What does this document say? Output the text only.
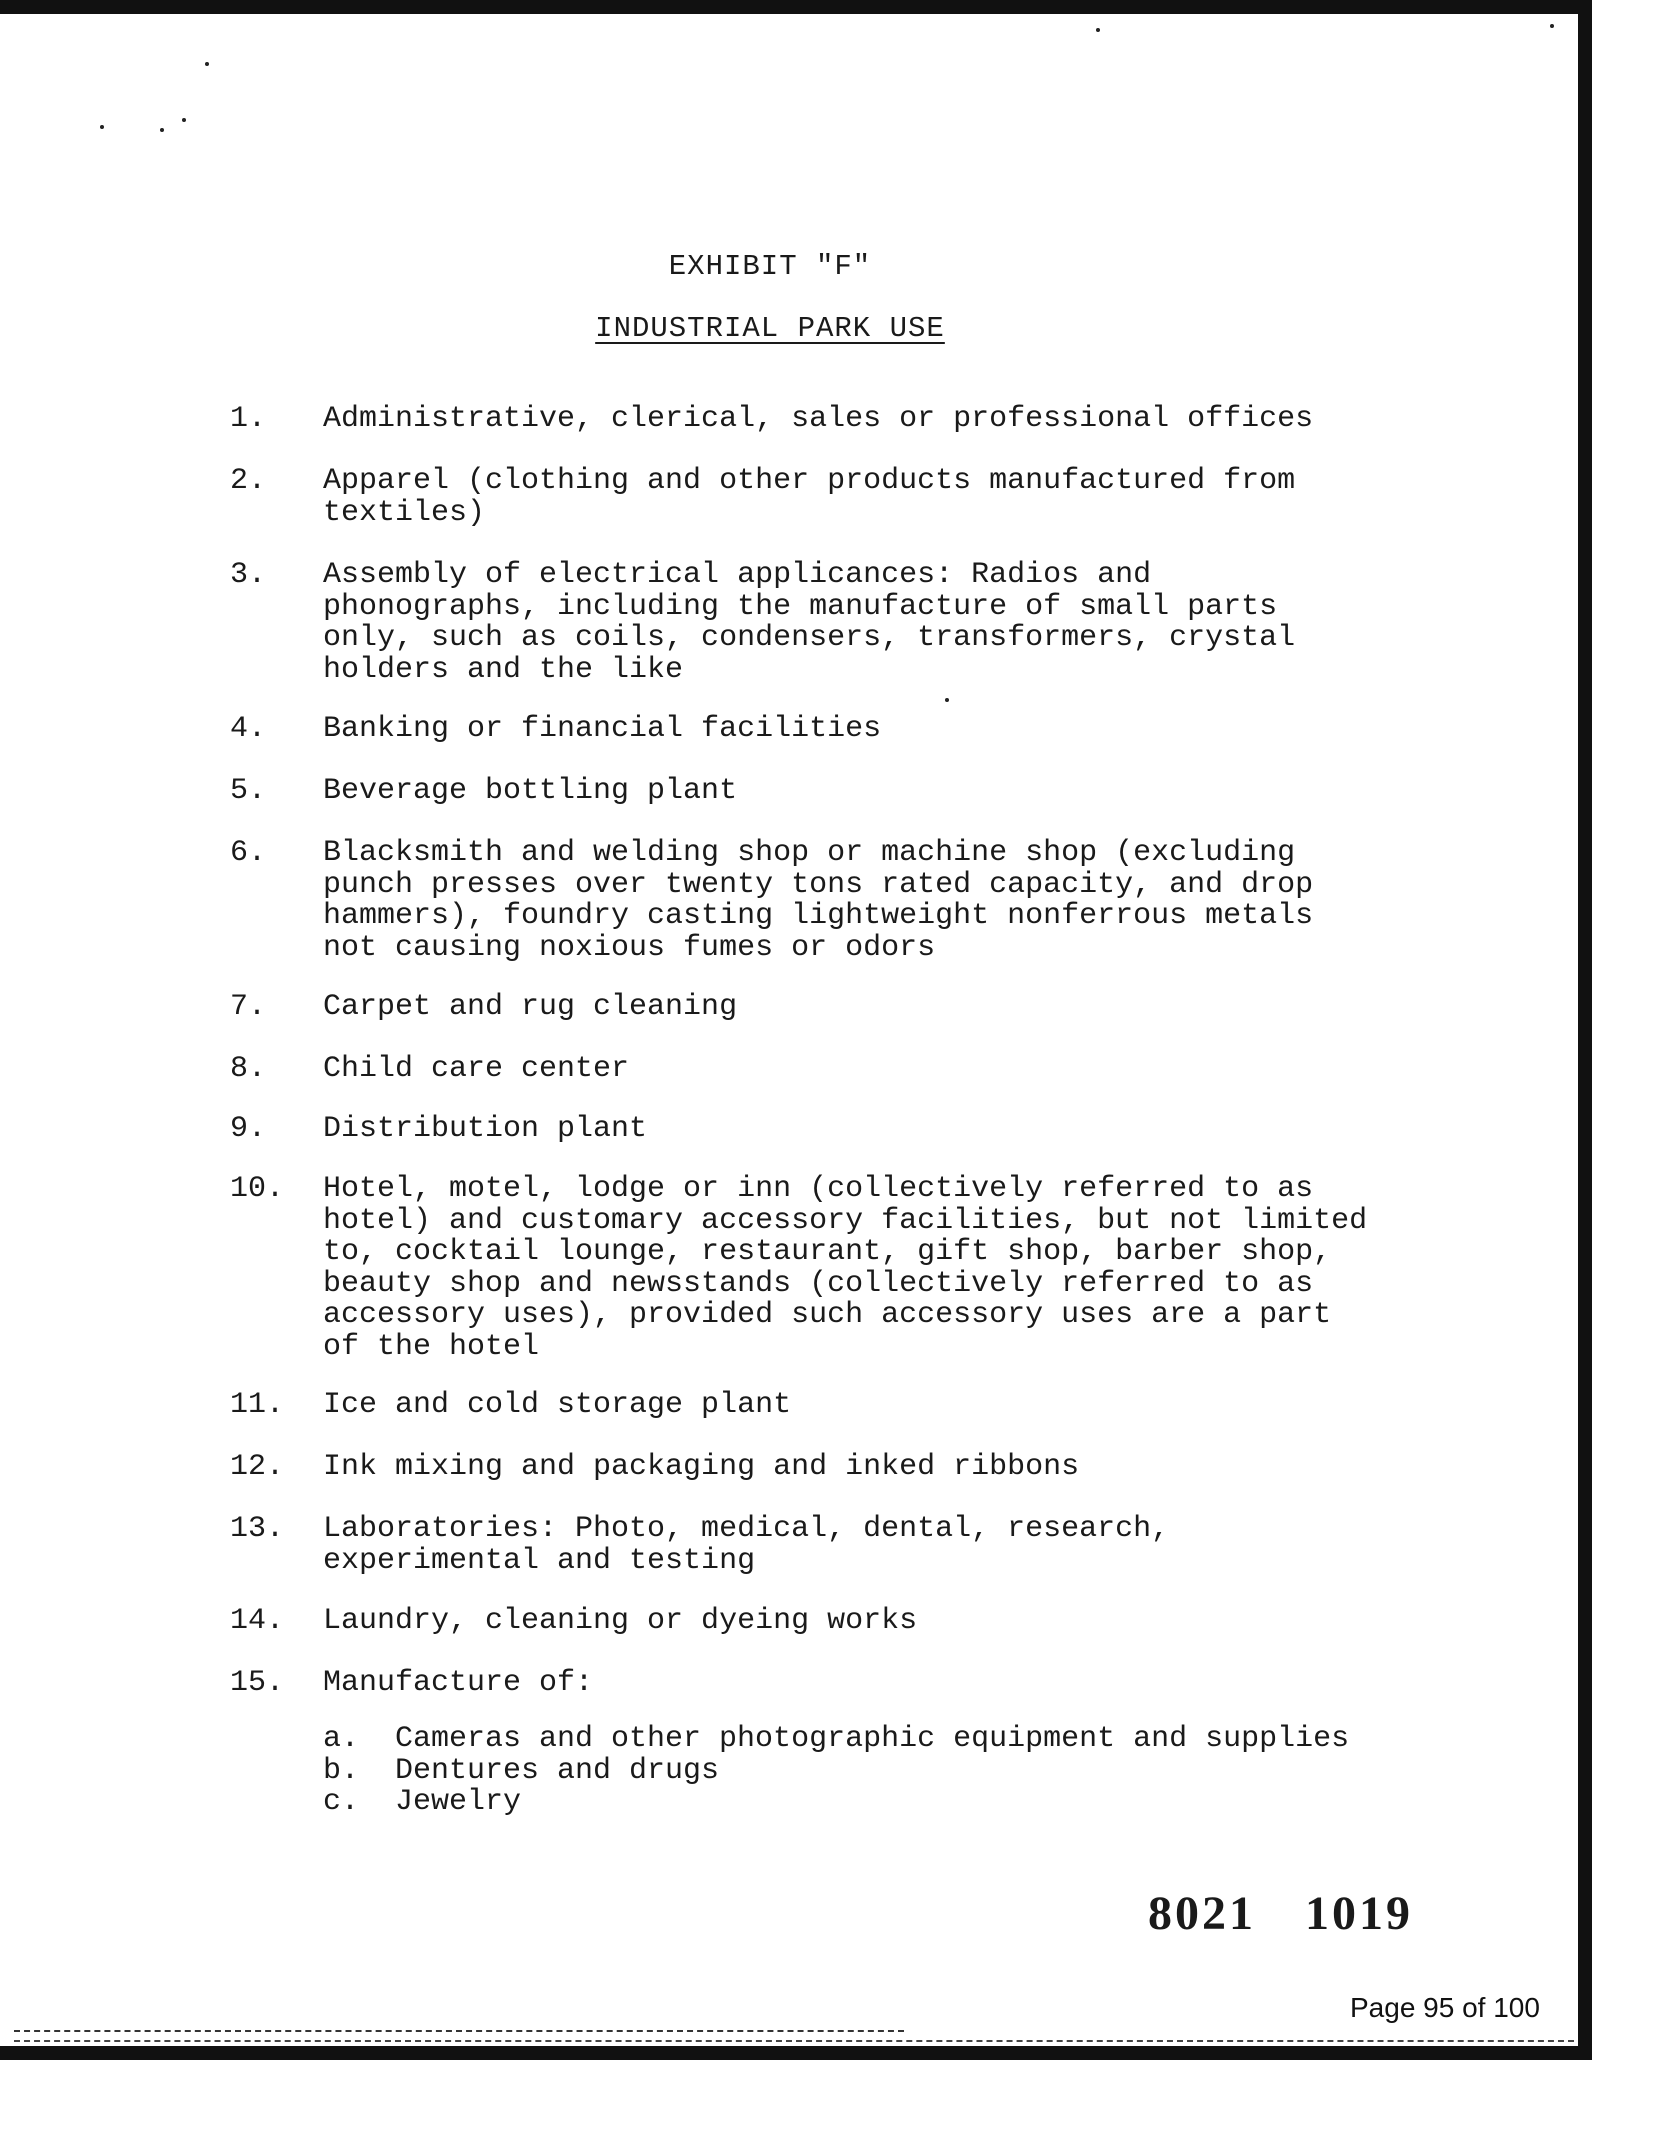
EXHIBIT "F"
INDUSTRIAL PARK USE
1.	Administrative, clerical, sales or professional offices
2.	Apparel (clothing and other products manufactured from
textiles)
3.	Assembly of electrical applicances: Radios and
phonographs, including the manufacture of small parts
only, such as coils, condensers, transformers, crystal
holders and the like
4.	Banking or financial facilities
5.	Beverage bottling plant
6.	Blacksmith and welding shop or machine shop (excluding
punch presses over twenty tons rated capacity, and drop
hammers), foundry casting lightweight nonferrous metals
not causing noxious fumes or odors
7.	Carpet and rug cleaning
8.	Child care center
9.	Distribution plant
10.	Hotel, motel, lodge or inn (collectively referred to as
hotel) and customary accessory facilities, but not limited
to, cocktail lounge, restaurant, gift shop, barber shop,
beauty shop and newsstands (collectively referred to as
accessory uses), provided such accessory uses are a part
of the hotel
11.	Ice and cold storage plant
12.	Ink mixing and packaging and inked ribbons
13.	Laboratories: Photo, medical, dental, research,
experimental and testing
14.	Laundry, cleaning or dyeing works
15.	Manufacture of:
a. Cameras and other photographic equipment and supplies
b. Dentures and drugs
c. Jewelry
8021 1019
Page 95 of 100
